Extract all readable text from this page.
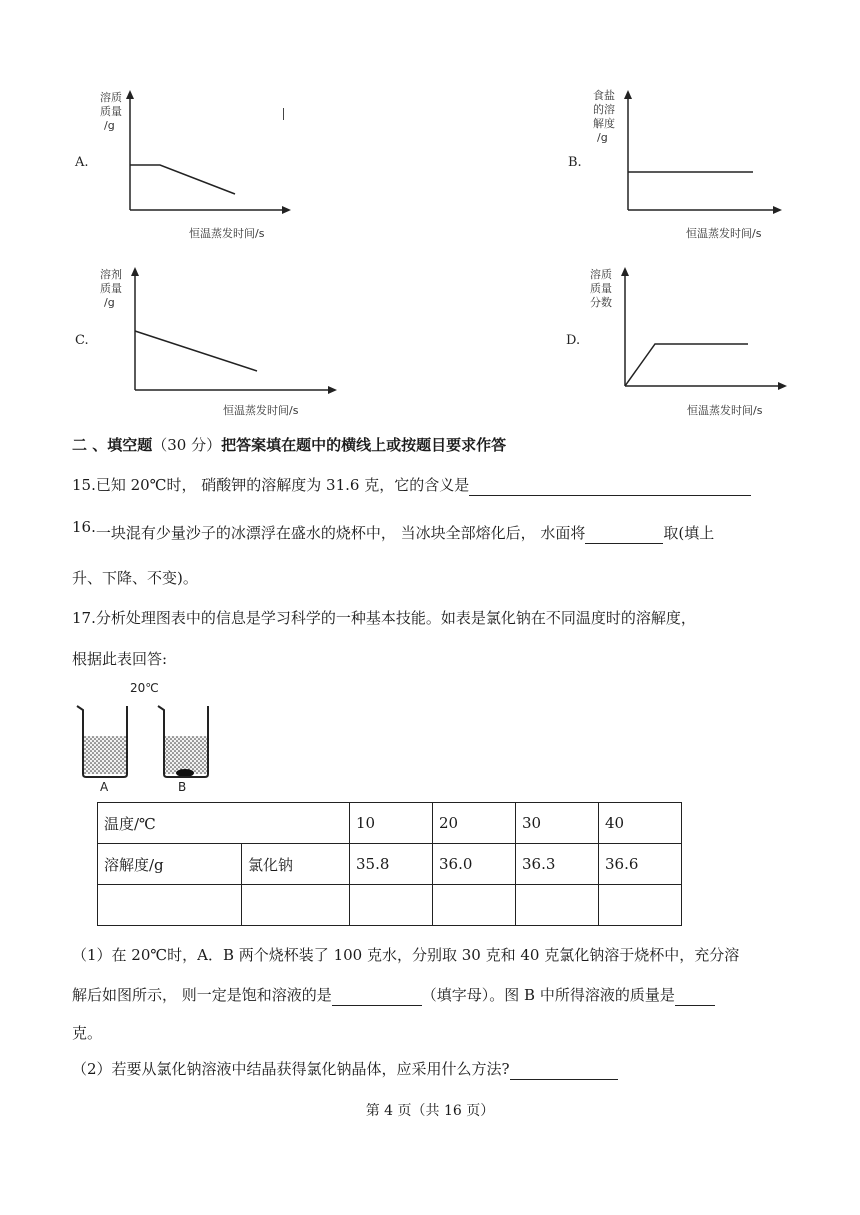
A.
溶质
质量
/g
恒温蒸发时间/s
B.
食盐
的溶
解度
/g
恒温蒸发时间/s
C.
溶剂
质量
/g
恒温蒸发时间/s
D.
溶质
质量
分数
恒温蒸发时间/s
二 、填空题（30 分）把答案填在题中的横线上或按题目要求作答
15.已知 20℃时， 硝酸钾的溶解度为 31.6 克，它的含义是
16.一块混有少量沙子的冰漂浮在盛水的烧杯中， 当冰块全部熔化后， 水面将	取(填上
升、下降、不变)。
17.分析处理图表中的信息是学习科学的一种基本技能。如表是氯化钠在不同温度时的溶解度，
根据此表回答:
20℃
A	B
温度/℃		10	20	30	40
溶解度/g	氯化钠	35.8	36.0	36.3	36.6

（1）在 20℃时，A．B 两个烧杯装了 100 克水，分别取 30 克和 40 克氯化钠溶于烧杯中，充分溶
解后如图所示， 则一定是饱和溶液的是	（填字母）。图 B 中所得溶液的质量是
克。
（2）若要从氯化钠溶液中结晶获得氯化钠晶体，应采用什么方法?
第 4 页（共 16 页）
